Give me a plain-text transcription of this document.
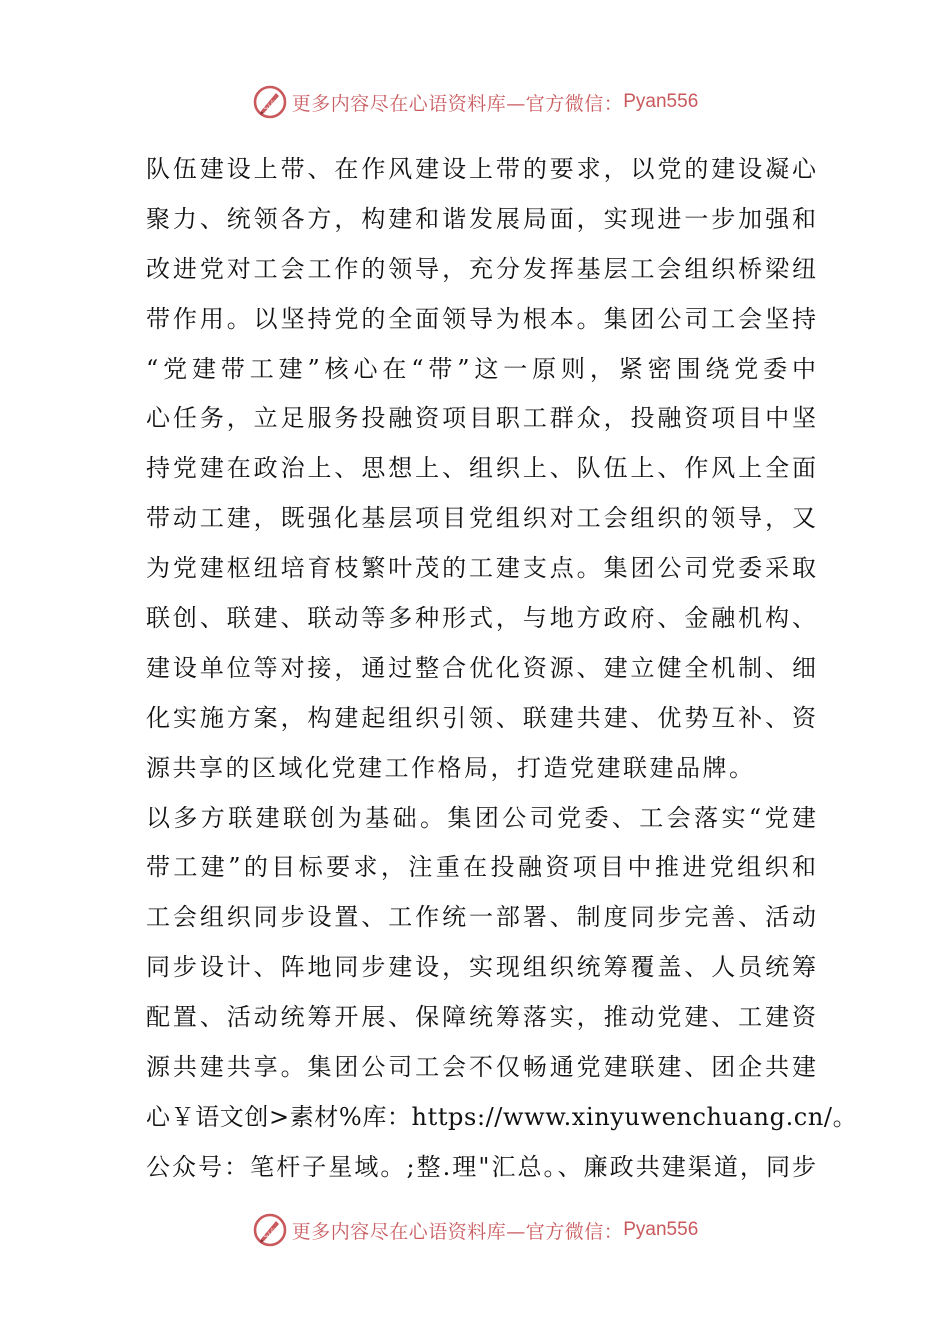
心语 更多内容尽在心语资料库—官方微信： Pyan556
队伍建设上带、在作风建设上带的要求，以党的建设凝心
聚力、统领各方，构建和谐发展局面，实现进一步加强和
改进党对工会工作的领导，充分发挥基层工会组织桥梁纽
带作用。以坚持党的全面领导为根本。集团公司工会坚持
“党建带工建”核心在“带”这一原则，紧密围绕党委中
心任务，立足服务投融资项目职工群众，投融资项目中坚
持党建在政治上、思想上、组织上、队伍上、作风上全面
带动工建，既强化基层项目党组织对工会组织的领导，又
为党建枢纽培育枝繁叶茂的工建支点。集团公司党委采取
联创、联建、联动等多种形式，与地方政府、金融机构、
建设单位等对接，通过整合优化资源、建立健全机制、细
化实施方案，构建起组织引领、联建共建、优势互补、资
源共享的区域化党建工作格局，打造党建联建品牌。
以多方联建联创为基础。集团公司党委、工会落实“党建
带工建”的目标要求，注重在投融资项目中推进党组织和
工会组织同步设置、工作统一部署、制度同步完善、活动
同步设计、阵地同步建设，实现组织统筹覆盖、人员统筹
配置、活动统筹开展、保障统筹落实，推动党建、工建资
源共建共享。集团公司工会不仅畅通党建联建、团企共建
心￥语文创>素材%库：https://www.xinyuwenchuang.cn/。
公众号：笔杆子星域。;整.理"汇总。、廉政共建渠道，同步
心语 更多内容尽在心语资料库—官方微信： Pyan556
